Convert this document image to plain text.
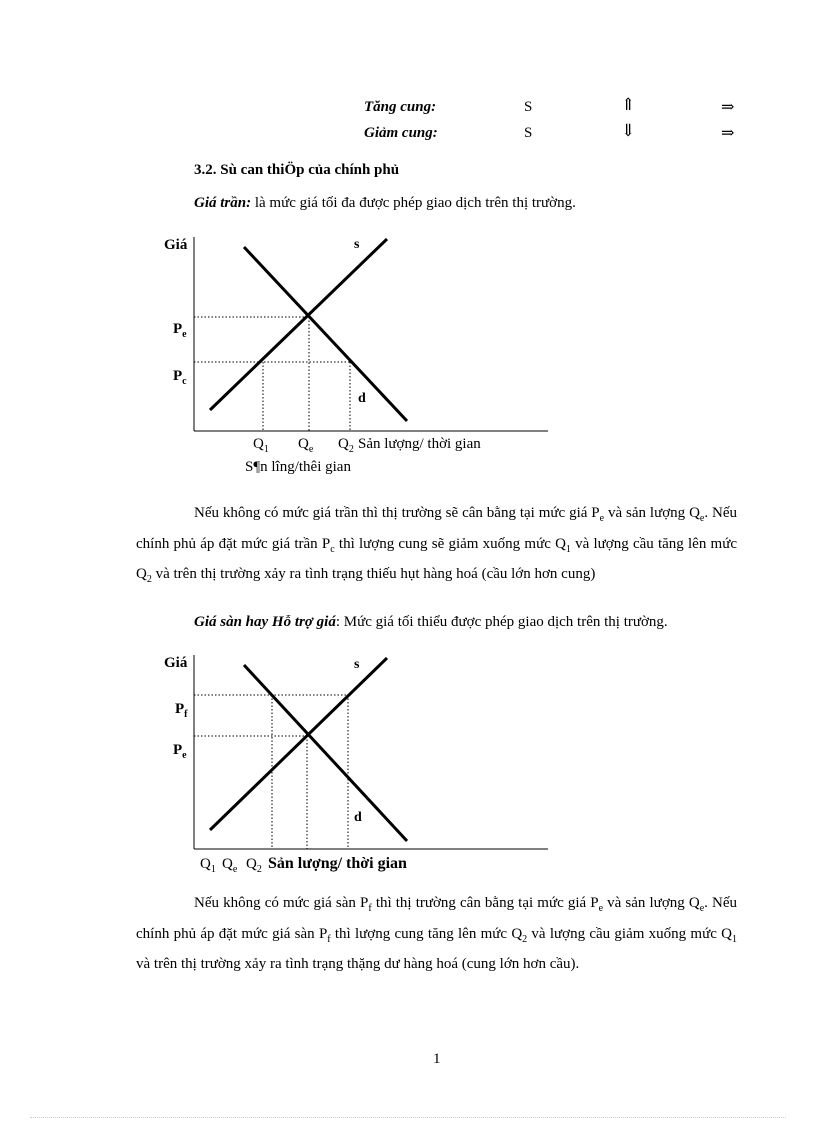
Tăng cung:	S	⇑	⇒
Giảm cung:	S	⇓	⇒
3.2. Sù can thiÖp của chính phủ
Giá trần: là mức giá tối đa được phép giao dịch trên thị trường.
Giá	s
d
$P_e$
$P_c$
$Q_1$ $Q_e$ $Q_2$ Sản lượng/ thời gian
S¶n lîng/thêi gian

Nếu không có mức giá trần thì thị trường sẽ cân bằng tại mức giá $P_e$ và sản lượng $Q_e$. Nếu chính phủ áp đặt mức giá trần $P_c$ thì lượng cung sẽ giảm xuống mức $Q_1$ và lượng cầu tăng lên mức $Q_2$ và trên thị trường xảy ra tình trạng thiếu hụt hàng hoá (cầu lớn hơn cung)

Giá sàn hay Hỗ trợ giá: Mức giá tối thiểu được phép giao dịch trên thị trường.
Giá	s
d
$P_f$
$P_e$
$Q_1$ $Q_e$ $Q_2$ Sản lượng/ thời gian

Nếu không có mức giá sàn $P_f$ thì thị trường cân bằng tại mức giá $P_e$ và sản lượng $Q_e$. Nếu chính phủ áp đặt mức giá sàn $P_f$ thì lượng cung tăng lên mức $Q_2$ và lượng cầu giảm xuống mức $Q_1$ và trên thị trường xảy ra tình trạng thặng dư hàng hoá (cung lớn hơn cầu).

1
